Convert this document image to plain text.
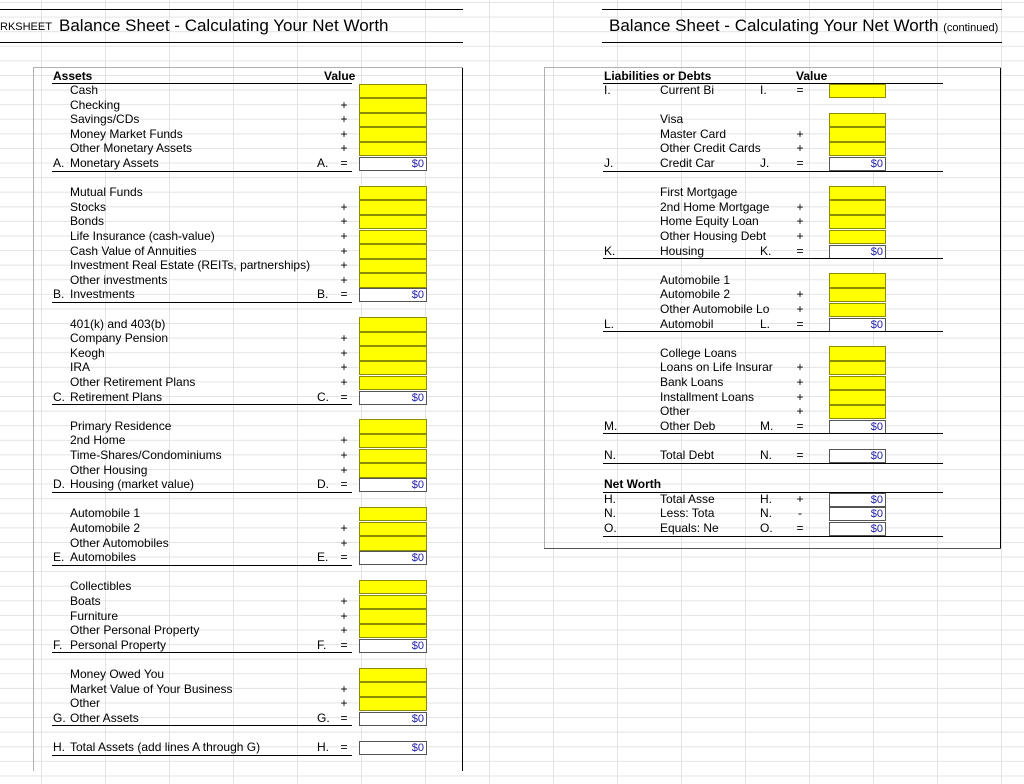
RKSHEET Balance Sheet - Calculating Your Net Worth
Assets	Value
Cash
Checking	+
Savings/CDs	+
Money Market Funds	+
Other Monetary Assets	+
A. Monetary Assets	A. =	$0
Mutual Funds
Stocks	+
Bonds	+
Life Insurance (cash-value)	+
Cash Value of Annuities	+
Investment Real Estate (REITs, partnerships)	+
Other investments	+
B. Investments	B. =	$0
401(k) and 403(b)
Company Pension	+
Keogh	+
IRA	+
Other Retirement Plans	+
C. Retirement Plans	C. =	$0
Primary Residence
2nd Home	+
Time-Shares/Condominiums	+
Other Housing	+
D. Housing (market value)	D. =	$0
Automobile 1
Automobile 2	+
Other Automobiles	+
E. Automobiles	E. =	$0
Collectibles
Boats	+
Furniture	+
Other Personal Property	+
F. Personal Property	F. =	$0
Money Owed You
Market Value of Your Business	+
Other	+
G. Other Assets	G. =	$0
H. Total Assets (add lines A through G)	H. =	$0
Balance Sheet - Calculating Your Net Worth (continued)
Liabilities or Debts	Value
I.	Current Bi	I. =
Visa
Master Card	+
Other Credit Cards	+
J.	Credit Car	J. =	$0
First Mortgage
2nd Home Mortgage +
Home Equity Loan	+
Other Housing Debt	+
K.	Housing	K. =	$0
Automobile 1
Automobile 2	+
Other Automobile Lo +
L.	Automobil	L. =	$0
College Loans
Loans on Life Insurar +
Bank Loans	+
Installment Loans	+
Other	+
M.	Other Deb	M. =	$0
N.	Total Debt	N. =	$0
Net Worth
H.	Total Asse	H. +	$0
N.	Less: Tota	N.	-	$0
O.	Equals: Ne	O. =	$0
